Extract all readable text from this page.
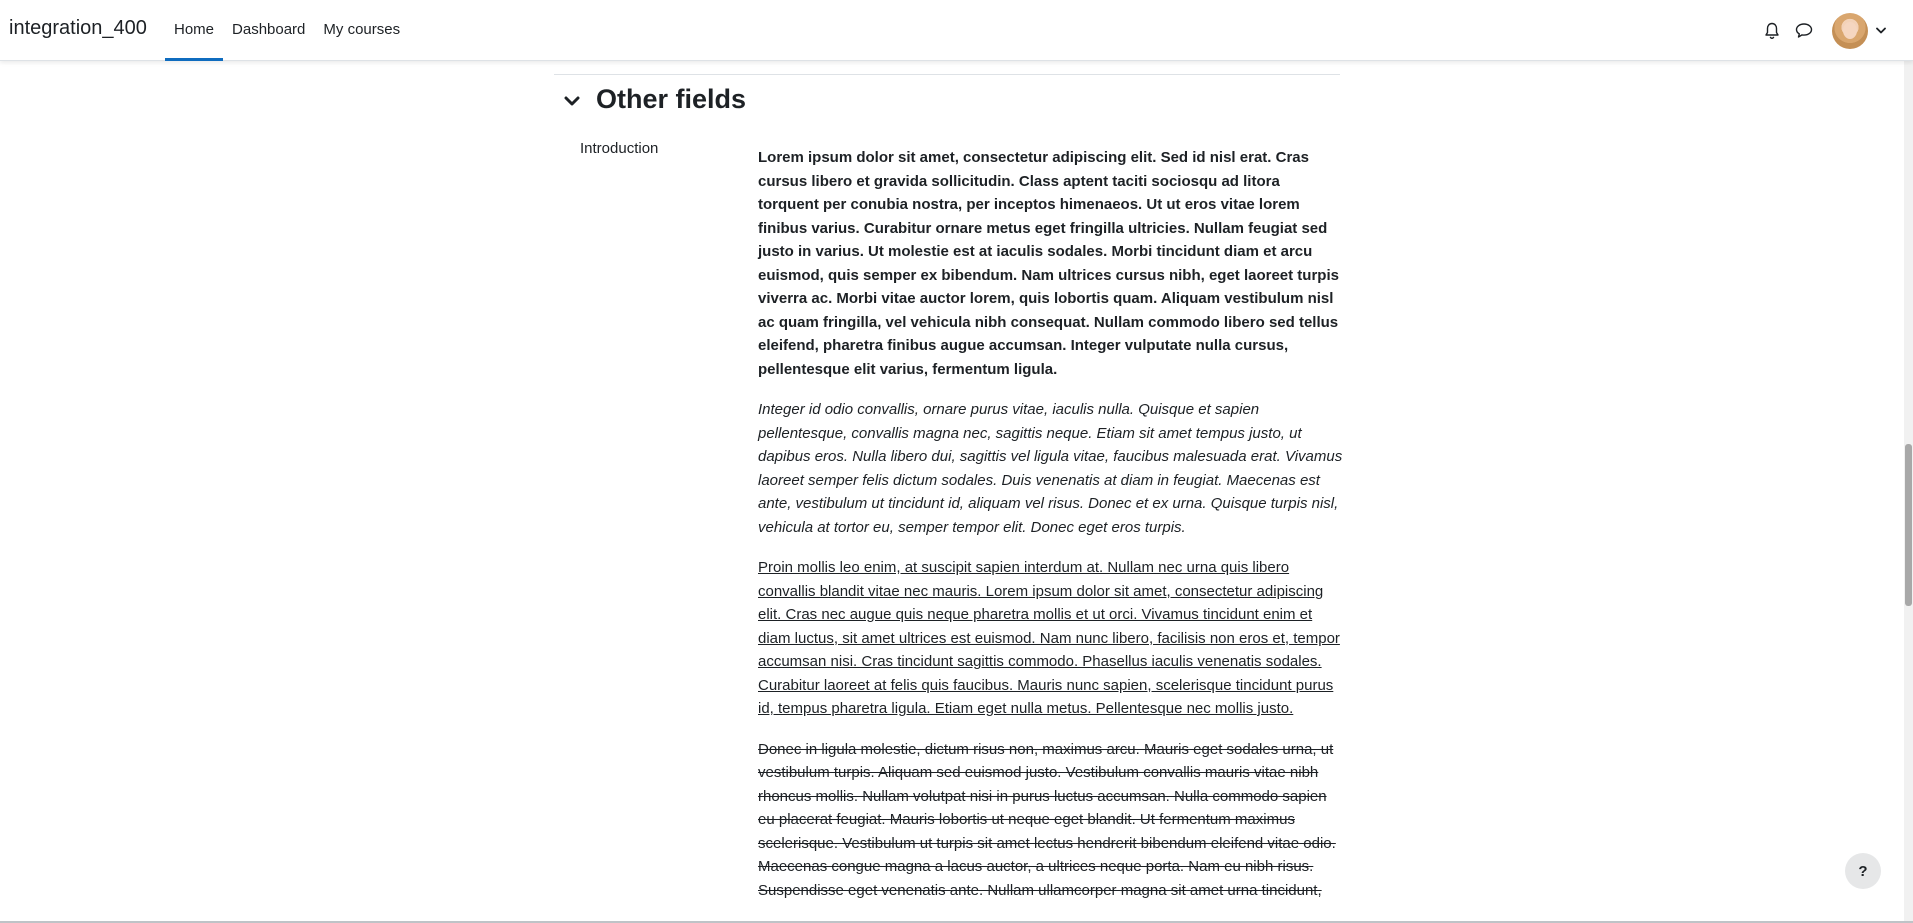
integration_400	Home	Dashboard	My courses
Other fields
Introduction

Lorem ipsum dolor sit amet, consectetur adipiscing elit. Sed id nisl erat. Cras cursus libero et gravida sollicitudin. Class aptent taciti sociosqu ad litora torquent per conubia nostra, per inceptos himenaeos. Ut ut eros vitae lorem finibus varius. Curabitur ornare metus eget fringilla ultricies. Nullam feugiat sed justo in varius. Ut molestie est at iaculis sodales. Morbi tincidunt diam et arcu euismod, quis semper ex bibendum. Nam ultrices cursus nibh, eget laoreet turpis viverra ac. Morbi vitae auctor lorem, quis lobortis quam. Aliquam vestibulum nisl ac quam fringilla, vel vehicula nibh consequat. Nullam commodo libero sed tellus eleifend, pharetra finibus augue accumsan. Integer vulputate nulla cursus, pellentesque elit varius, fermentum ligula.

Integer id odio convallis, ornare purus vitae, iaculis nulla. Quisque et sapien pellentesque, convallis magna nec, sagittis neque. Etiam sit amet tempus justo, ut dapibus eros. Nulla libero dui, sagittis vel ligula vitae, faucibus malesuada erat. Vivamus laoreet semper felis dictum sodales. Duis venenatis at diam in feugiat. Maecenas est ante, vestibulum ut tincidunt id, aliquam vel risus. Donec et ex urna. Quisque turpis nisl, vehicula at tortor eu, semper tempor elit. Donec eget eros turpis.

Proin mollis leo enim, at suscipit sapien interdum at. Nullam nec urna quis libero convallis blandit vitae nec mauris. Lorem ipsum dolor sit amet, consectetur adipiscing elit. Cras nec augue quis neque pharetra mollis et ut orci. Vivamus tincidunt enim et diam luctus, sit amet ultrices est euismod. Nam nunc libero, facilisis non eros et, tempor accumsan nisi. Cras tincidunt sagittis commodo. Phasellus iaculis venenatis sodales. Curabitur laoreet at felis quis faucibus. Mauris nunc sapien, scelerisque tincidunt purus id, tempus pharetra ligula. Etiam eget nulla metus. Pellentesque nec mollis justo.

Donec in ligula molestie, dictum risus non, maximus arcu. Mauris eget sodales urna, ut vestibulum turpis. Aliquam sed euismod justo. Vestibulum convallis mauris vitae nibh rhoncus mollis. Nullam volutpat nisi in purus luctus accumsan. Nulla commodo sapien eu placerat feugiat. Mauris lobortis ut neque eget blandit. Ut fermentum maximus scelerisque. Vestibulum ut turpis sit amet lectus hendrerit bibendum eleifend vitae odio. Maecenas congue magna a lacus auctor, a ultrices neque porta. Nam eu nibh risus. Suspendisse eget venenatis ante. Nullam ullamcorper magna sit amet urna tincidunt,

?
